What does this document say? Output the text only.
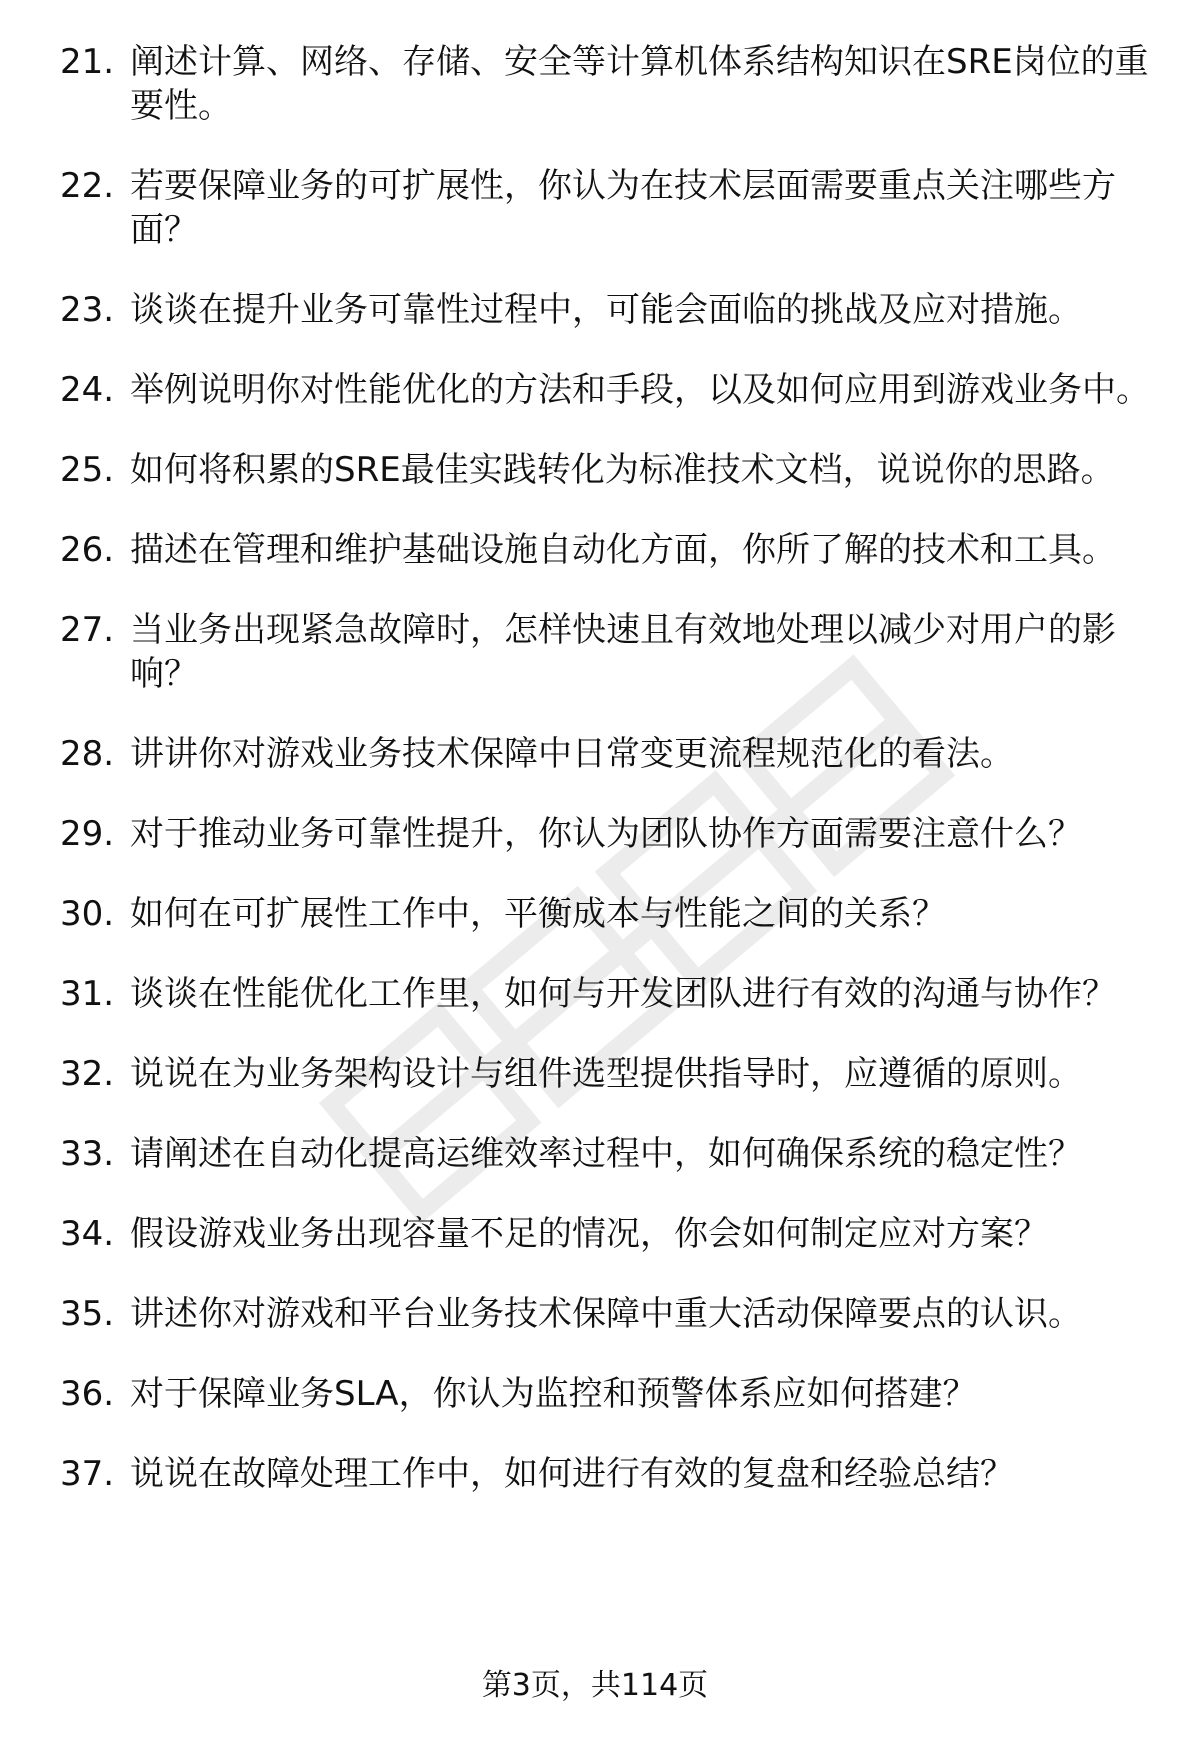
21. 阐述计算、网络、存储、安全等计算机体系结构知识在SRE岗位的重要性。
22. 若要保障业务的可扩展性，你认为在技术层面需要重点关注哪些方面？
23. 谈谈在提升业务可靠性过程中，可能会面临的挑战及应对措施。
24. 举例说明你对性能优化的方法和手段，以及如何应用到游戏业务中。
25. 如何将积累的SRE最佳实践转化为标准技术文档，说说你的思路。
26. 描述在管理和维护基础设施自动化方面，你所了解的技术和工具。
27. 当业务出现紧急故障时，怎样快速且有效地处理以减少对用户的影响？
28. 讲讲你对游戏业务技术保障中日常变更流程规范化的看法。
29. 对于推动业务可靠性提升，你认为团队协作方面需要注意什么？
30. 如何在可扩展性工作中，平衡成本与性能之间的关系？
31. 谈谈在性能优化工作里，如何与开发团队进行有效的沟通与协作？
32. 说说在为业务架构设计与组件选型提供指导时，应遵循的原则。
33. 请阐述在自动化提高运维效率过程中，如何确保系统的稳定性？
34. 假设游戏业务出现容量不足的情况，你会如何制定应对方案？
35. 讲述你对游戏和平台业务技术保障中重大活动保障要点的认识。
36. 对于保障业务SLA，你认为监控和预警体系应如何搭建？
37. 说说在故障处理工作中，如何进行有效的复盘和经验总结？
第3页，共114页
